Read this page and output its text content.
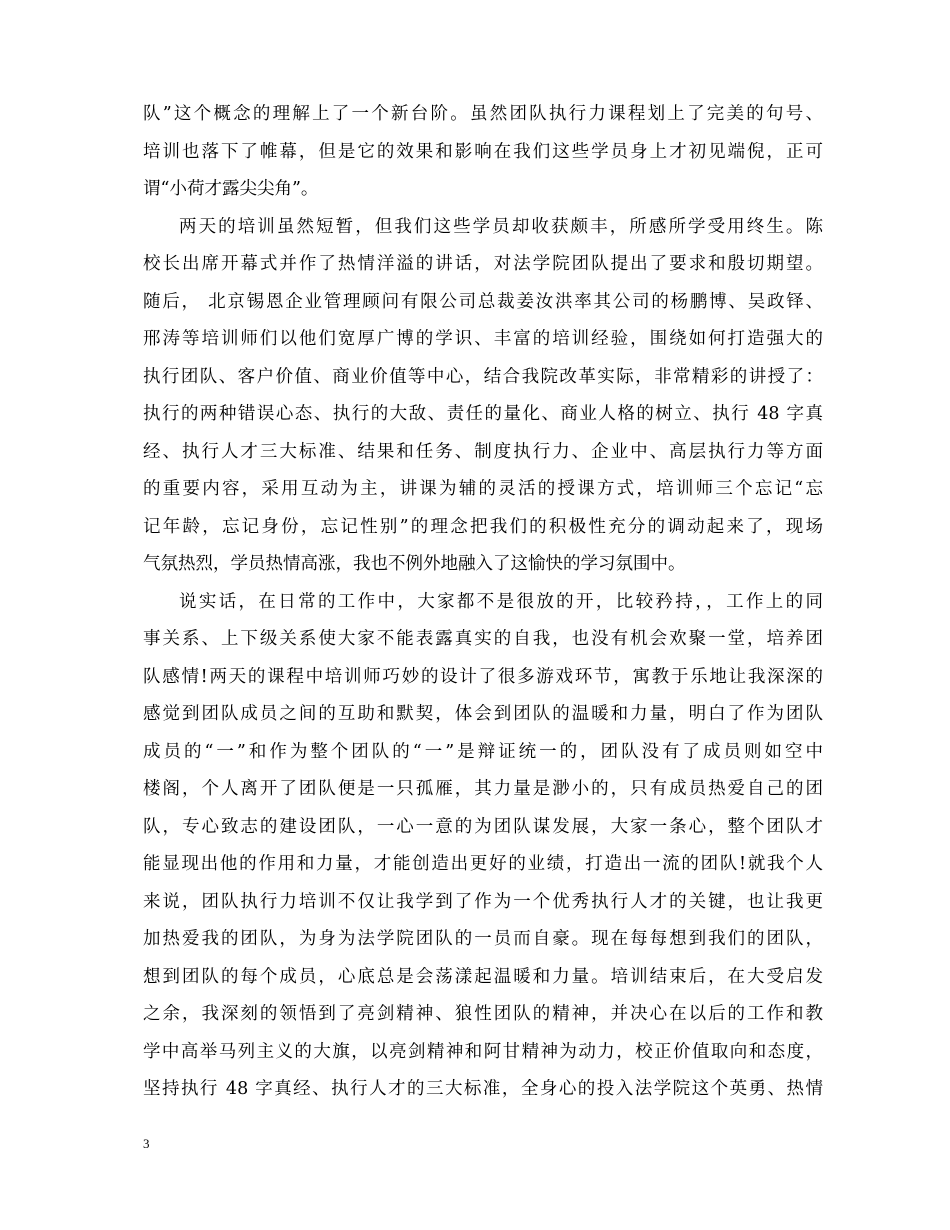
队”这个概念的理解上了一个新台阶。虽然团队执行力课程划上了完美的句号、
培训也落下了帷幕，但是它的效果和影响在我们这些学员身上才初见端倪，正可
谓“小荷才露尖尖角”。
两天的培训虽然短暂，但我们这些学员却收获颇丰，所感所学受用终生。陈
校长出席开幕式并作了热情洋溢的讲话，对法学院团队提出了要求和殷切期望。
随后， 北京锡恩企业管理顾问有限公司总裁姜汝洪率其公司的杨鹏博、吴政铎、
邢涛等培训师们以他们宽厚广博的学识、丰富的培训经验，围绕如何打造强大的
执行团队、客户价值、商业价值等中心，结合我院改革实际，非常精彩的讲授了：
执行的两种错误心态、执行的大敌、责任的量化、商业人格的树立、执行 48 字真
经、执行人才三大标准、结果和任务、制度执行力、企业中、高层执行力等方面
的重要内容，采用互动为主，讲课为辅的灵活的授课方式，培训师三个忘记“忘
记年龄，忘记身份，忘记性别”的理念把我们的积极性充分的调动起来了，现场
气氛热烈，学员热情高涨，我也不例外地融入了这愉快的学习氛围中。
说实话，在日常的工作中，大家都不是很放的开，比较矜持，，工作上的同
事关系、上下级关系使大家不能表露真实的自我，也没有机会欢聚一堂，培养团
队感情!两天的课程中培训师巧妙的设计了很多游戏环节，寓教于乐地让我深深的
感觉到团队成员之间的互助和默契，体会到团队的温暖和力量，明白了作为团队
成员的“一”和作为整个团队的“一”是辩证统一的，团队没有了成员则如空中
楼阁，个人离开了团队便是一只孤雁，其力量是渺小的，只有成员热爱自己的团
队，专心致志的建设团队，一心一意的为团队谋发展，大家一条心，整个团队才
能显现出他的作用和力量，才能创造出更好的业绩，打造出一流的团队!就我个人
来说，团队执行力培训不仅让我学到了作为一个优秀执行人才的关键，也让我更
加热爱我的团队，为身为法学院团队的一员而自豪。现在每每想到我们的团队，
想到团队的每个成员，心底总是会荡漾起温暖和力量。培训结束后，在大受启发
之余，我深刻的领悟到了亮剑精神、狼性团队的精神，并决心在以后的工作和教
学中高举马列主义的大旗，以亮剑精神和阿甘精神为动力，校正价值取向和态度，
坚持执行 48 字真经、执行人才的三大标准，全身心的投入法学院这个英勇、热情
3
